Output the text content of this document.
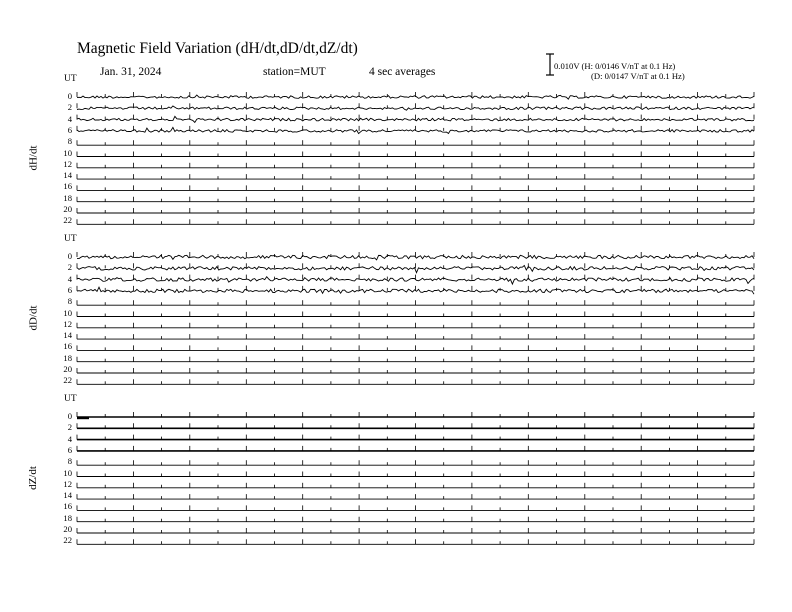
Magnetic Field Variation (dH/dt,dD/dt,dZ/dt)
Jan. 31, 2024	station=MUT	4 sec averages	0.010V (H: 0/0146 V/nT at 0.1 Hz)
(D: 0/0147 V/nT at 0.1 Hz)
UT
UT
UT
dH/dt
dD/dt
dZ/dt
0
2
4
6
8
10
12
14
16
18
20
22
0
2
4
6
8
10
12
14
16
18
20
22
0
2
4
6
8
10
12
14
16
18
20
22
